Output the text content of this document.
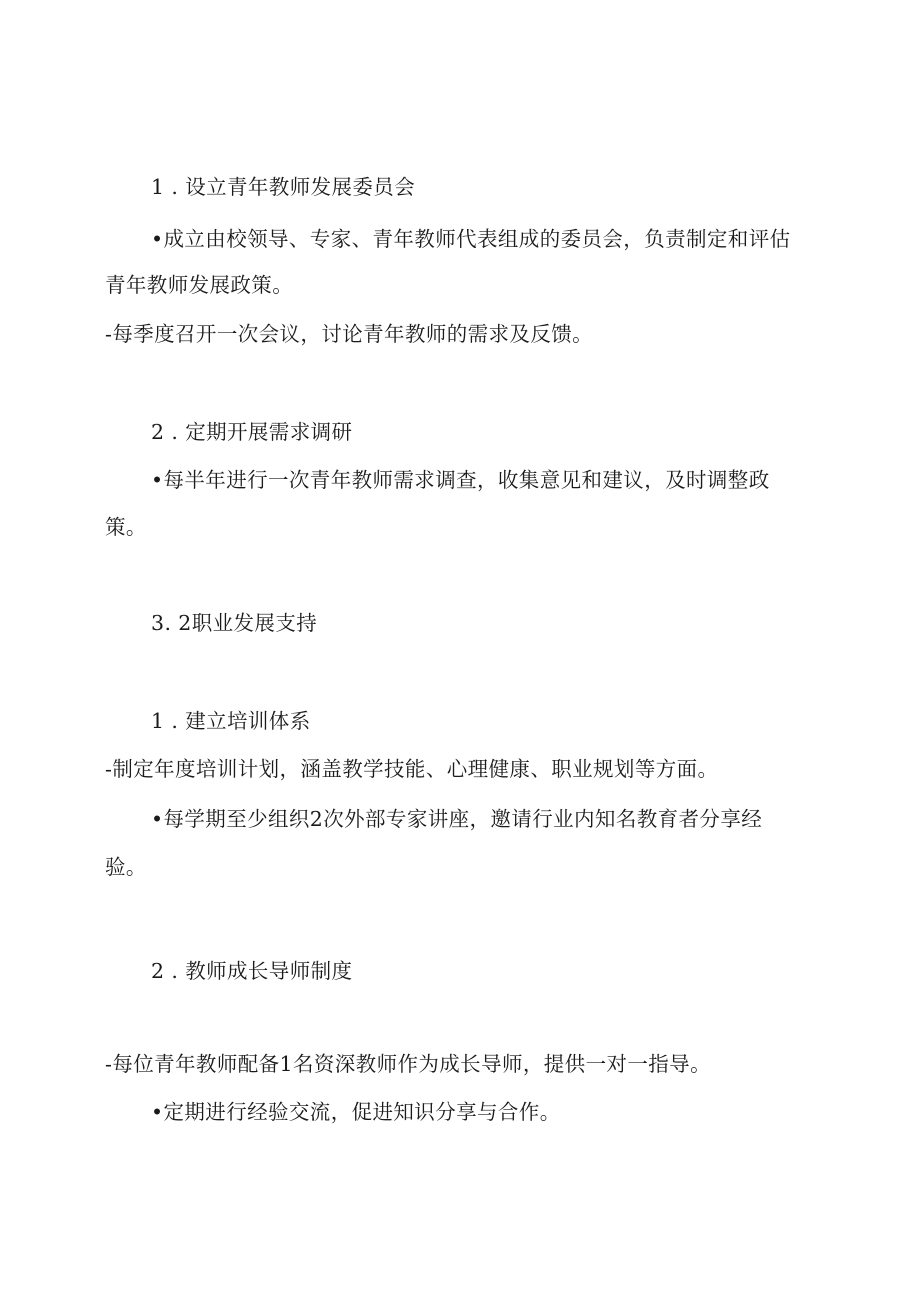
1 . 设立青年教师发展委员会
•成立由校领导、专家、青年教师代表组成的委员会，负责制定和评估
青年教师发展政策。
-每季度召开一次会议，讨论青年教师的需求及反馈。
2 . 定期开展需求调研
•每半年进行一次青年教师需求调查，收集意见和建议，及时调整政
策。
3. 2职业发展支持
1 . 建立培训体系
-制定年度培训计划，涵盖教学技能、心理健康、职业规划等方面。
•每学期至少组织2次外部专家讲座，邀请行业内知名教育者分享经
验。
2 . 教师成长导师制度
-每位青年教师配备1名资深教师作为成长导师，提供一对一指导。
•定期进行经验交流，促进知识分享与合作。
